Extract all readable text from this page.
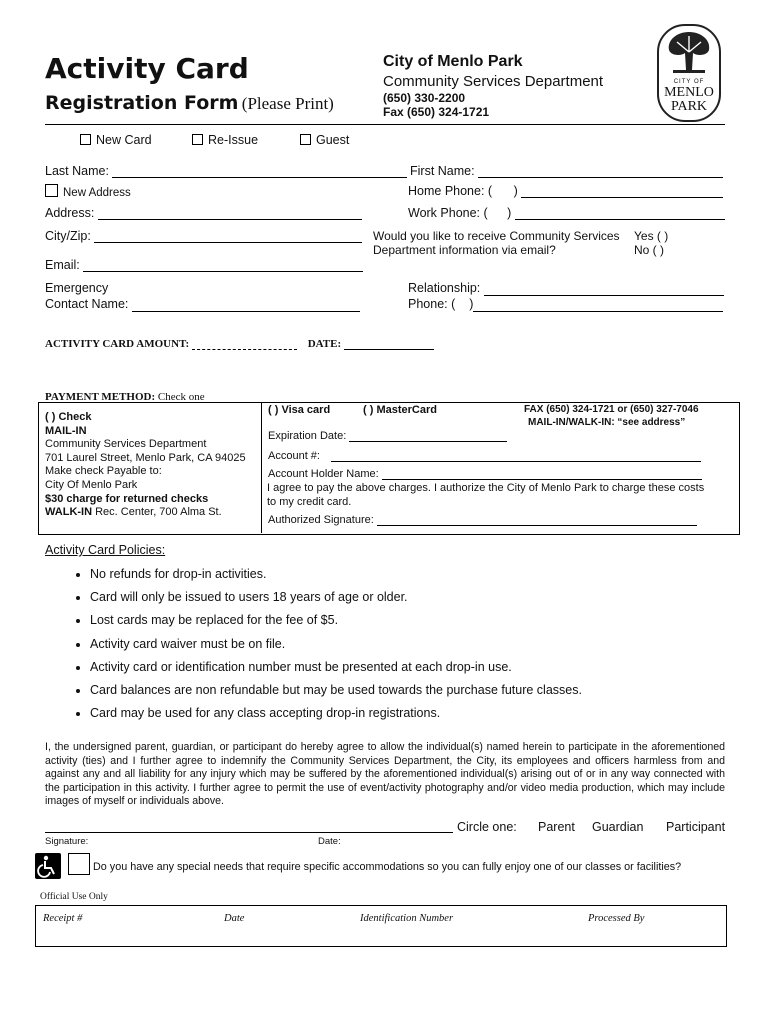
Activity Card
Registration Form (Please Print)
City of Menlo Park
Community Services Department
(650) 330-2200
Fax (650) 324-1721
CITY OF
MENLO
PARK
New Card	Re-Issue	Guest
Last Name:	First Name:
New Address	Home Phone: ( )
Address:	Work Phone: ( )
City/Zip:	Would you like to receive Community Services
Department information via email?
Yes ( )
No ( )
Email:
Emergency
Contact Name:
Relationship:
Phone: ( )
ACTIVITY CARD AMOUNT:	DATE:
PAYMENT METHOD: Check one
( ) Check
MAIL-IN
Community Services Department
701 Laurel Street, Menlo Park, CA 94025
Make check Payable to:
City Of Menlo Park
$30 charge for returned checks
WALK-IN Rec. Center, 700 Alma St.
( ) Visa card	( ) MasterCard	FAX (650) 324-1721 or (650) 327-7046
MAIL-IN/WALK-IN: “see address”
Expiration Date:
Account #:
Account Holder Name:
I agree to pay the above charges. I authorize the City of Menlo Park to charge these costs
to my credit card.
Authorized Signature:
Activity Card Policies:
• No refunds for drop-in activities.
• Card will only be issued to users 18 years of age or older.
• Lost cards may be replaced for the fee of $5.
• Activity card waiver must be on file.
• Activity card or identification number must be presented at each drop-in use.
• Card balances are non refundable but may be used towards the purchase future classes.
• Card may be used for any class accepting drop-in registrations.
I, the undersigned parent, guardian, or participant do hereby agree to allow the individual(s) named herein to participate in the aforementioned activity (ties) and I further agree to indemnify the Community Services Department, the City, its employees and officers harmless from and against any and all liability for any injury which may be suffered by the aforementioned individual(s) arising out of or in any way connected with the participation in this activity. I further agree to permit the use of event/activity photography and/or video media production, which may include images of myself or individuals above.
Signature:	Date:
Circle one: Parent Guardian Participant
Do you have any special needs that require specific accommodations so you can fully enjoy one of our classes or facilities?
Official Use Only
Receipt #	Date	Identification Number	Processed By
